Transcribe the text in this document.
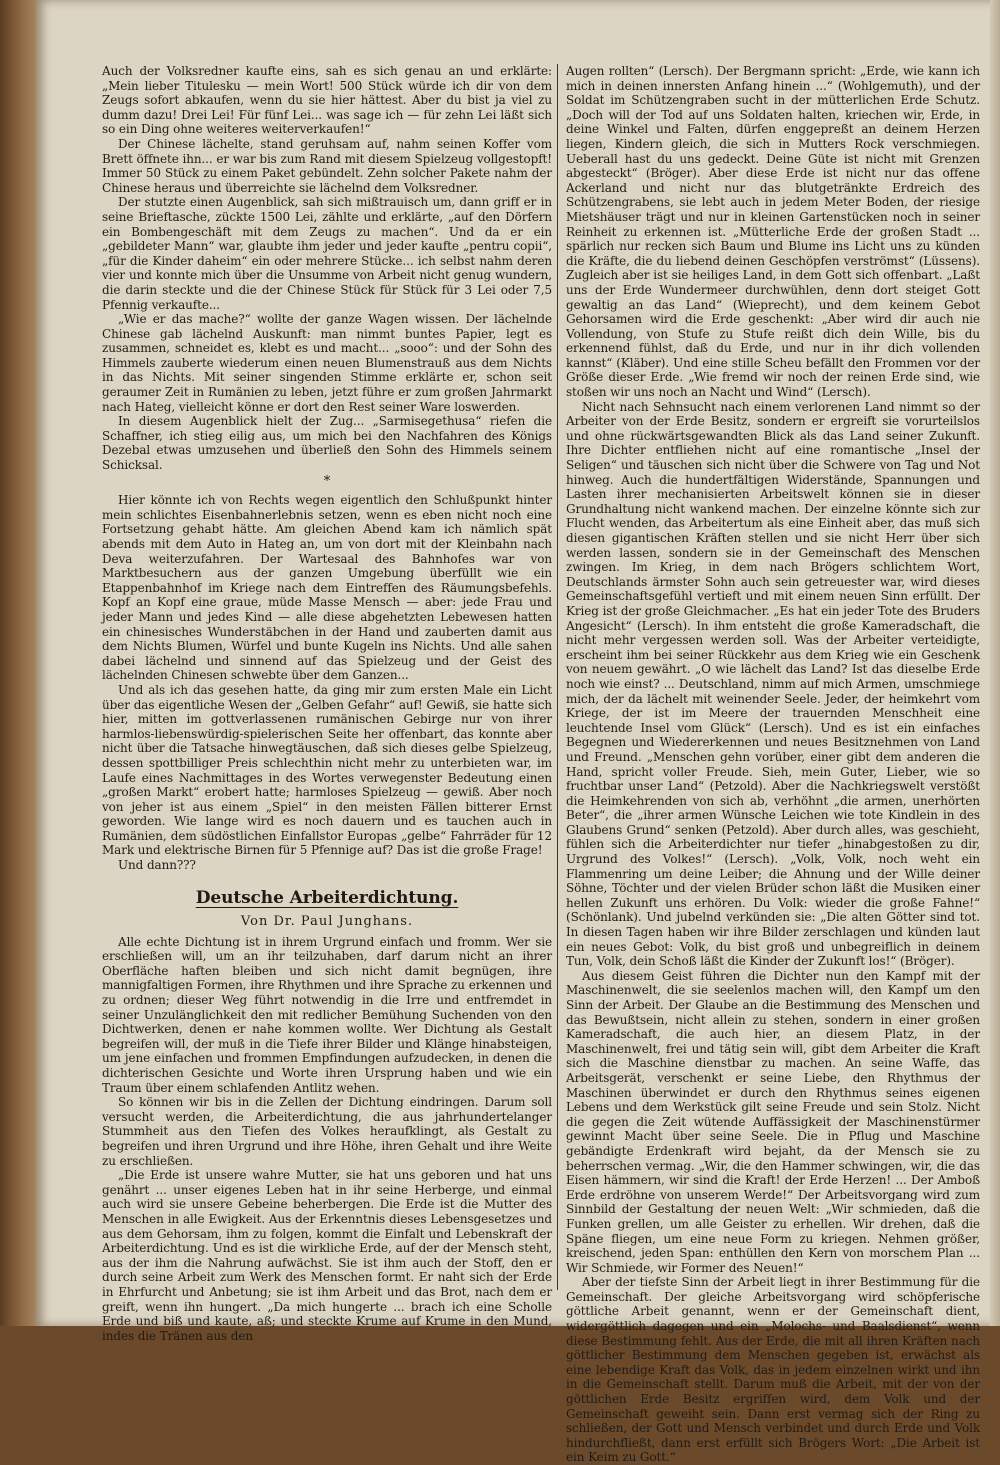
Auch der Volksredner kaufte eins, sah es sich genau an und erklärte: „Mein lieber Titulesku — mein Wort! 500 Stück würde ich dir von dem Zeugs sofort abkaufen, wenn du sie hier hättest. Aber du bist ja viel zu dumm dazu! Drei Lei! Für fünf Lei... was sage ich — für zehn Lei läßt sich so ein Ding ohne weiteres weiterverkaufen!“

Der Chinese lächelte, stand geruhsam auf, nahm seinen Koffer vom Brett öffnete ihn... er war bis zum Rand mit diesem Spielzeug vollgestopft! Immer 50 Stück zu einem Paket gebündelt. Zehn solcher Pakete nahm der Chinese heraus und überreichte sie lächelnd dem Volksredner.

Der stutzte einen Augenblick, sah sich mißtrauisch um, dann griff er in seine Brieftasche, zückte 1500 Lei, zählte und erklärte, „auf den Dörfern ein Bombengeschäft mit dem Zeugs zu machen“. Und da er ein „gebildeter Mann“ war, glaubte ihm jeder und jeder kaufte „pentru copii“, „für die Kinder daheim“ ein oder mehrere Stücke... ich selbst nahm deren vier und konnte mich über die Unsumme von Arbeit nicht genug wundern, die darin steckte und die der Chinese Stück für Stück für 3 Lei oder 7,5 Pfennig verkaufte...

„Wie er das mache?“ wollte der ganze Wagen wissen. Der lächelnde Chinese gab lächelnd Auskunft: man nimmt buntes Papier, legt es zusammen, schneidet es, klebt es und macht... „sooo“: und der Sohn des Himmels zauberte wiederum einen neuen Blumenstrauß aus dem Nichts in das Nichts. Mit seiner singenden Stimme erklärte er, schon seit geraumer Zeit in Rumänien zu leben, jetzt führe er zum großen Jahrmarkt nach Hateg, vielleicht könne er dort den Rest seiner Ware loswerden.

In diesem Augenblick hielt der Zug... „Sarmisegethusa“ riefen die Schaffner, ich stieg eilig aus, um mich bei den Nachfahren des Königs Dezebal etwas umzusehen und überließ den Sohn des Himmels seinem Schicksal.

*

Hier könnte ich von Rechts wegen eigentlich den Schlußpunkt hinter mein schlichtes Eisenbahnerlebnis setzen, wenn es eben nicht noch eine Fortsetzung gehabt hätte. Am gleichen Abend kam ich nämlich spät abends mit dem Auto in Hateg an, um von dort mit der Kleinbahn nach Deva weiterzufahren. Der Wartesaal des Bahnhofes war von Marktbesuchern aus der ganzen Umgebung überfüllt wie ein Etappenbahnhof im Kriege nach dem Eintreffen des Räumungsbefehls. Kopf an Kopf eine graue, müde Masse Mensch — aber: jede Frau und jeder Mann und jedes Kind — alle diese abgehetzten Lebewesen hatten ein chinesisches Wunderstäbchen in der Hand und zauberten damit aus dem Nichts Blumen, Würfel und bunte Kugeln ins Nichts. Und alle sahen dabei lächelnd und sinnend auf das Spielzeug und der Geist des lächelnden Chinesen schwebte über dem Ganzen...

Und als ich das gesehen hatte, da ging mir zum ersten Male ein Licht über das eigentliche Wesen der „Gelben Gefahr“ auf! Gewiß, sie hatte sich hier, mitten im gottverlassenen rumänischen Gebirge nur von ihrer harmlos-liebenswürdig-spielerischen Seite her offenbart, das konnte aber nicht über die Tatsache hinwegtäuschen, daß sich dieses gelbe Spielzeug, dessen spottbilliger Preis schlechthin nicht mehr zu unterbieten war, im Laufe eines Nachmittages in des Wortes verwegenster Bedeutung einen „großen Markt“ erobert hatte; harmloses Spielzeug — gewiß. Aber noch von jeher ist aus einem „Spiel“ in den meisten Fällen bitterer Ernst geworden. Wie lange wird es noch dauern und es tauchen auch in Rumänien, dem südöstlichen Einfallstor Europas „gelbe“ Fahrräder für 12 Mark und elektrische Birnen für 5 Pfennige auf? Das ist die große Frage!

Und dann???

Deutsche Arbeiterdichtung.
Von Dr. Paul Junghans.

Alle echte Dichtung ist in ihrem Urgrund einfach und fromm. Wer sie erschließen will, um an ihr teilzuhaben, darf darum nicht an ihrer Oberfläche haften bleiben und sich nicht damit begnügen, ihre mannigfaltigen Formen, ihre Rhythmen und ihre Sprache zu erkennen und zu ordnen; dieser Weg führt notwendig in die Irre und entfremdet in seiner Unzulänglichkeit den mit redlicher Bemühung Suchenden von den Dichtwerken, denen er nahe kommen wollte. Wer Dichtung als Gestalt begreifen will, der muß in die Tiefe ihrer Bilder und Klänge hinabsteigen, um jene einfachen und frommen Empfindungen aufzudecken, in denen die dichterischen Gesichte und Worte ihren Ursprung haben und wie ein Traum über einem schlafenden Antlitz wehen.

So können wir bis in die Zellen der Dichtung eindringen. Darum soll versucht werden, die Arbeiterdichtung, die aus jahrhundertelanger Stummheit aus den Tiefen des Volkes heraufklingt, als Gestalt zu begreifen und ihren Urgrund und ihre Höhe, ihren Gehalt und ihre Weite zu erschließen.

„Die Erde ist unsere wahre Mutter, sie hat uns geboren und hat uns genährt ... unser eigenes Leben hat in ihr seine Herberge, und einmal auch wird sie unsere Gebeine beherbergen. Die Erde ist die Mutter des Menschen in alle Ewigkeit. Aus der Erkenntnis dieses Lebensgesetzes und aus dem Gehorsam, ihm zu folgen, kommt die Einfalt und Lebenskraft der Arbeiterdichtung. Und es ist die wirkliche Erde, auf der der Mensch steht, aus der ihm die Nahrung aufwächst. Sie ist ihm auch der Stoff, den er durch seine Arbeit zum Werk des Menschen formt. Er naht sich der Erde in Ehrfurcht und Anbetung; sie ist ihm Arbeit und das Brot, nach dem er greift, wenn ihn hungert. „Da mich hungerte ... brach ich eine Scholle Erde und biß und kaute, aß; und steckte Krume auf Krume in den Mund, indes die Tränen aus den

Augen rollten“ (Lersch). Der Bergmann spricht: „Erde, wie kann ich mich in deinen innersten Anfang hinein ...“ (Wohlgemuth), und der Soldat im Schützengraben sucht in der mütterlichen Erde Schutz. „Doch will der Tod auf uns Soldaten halten, kriechen wir, Erde, in deine Winkel und Falten, dürfen enggepreßt an deinem Herzen liegen, Kindern gleich, die sich in Mutters Rock verschmiegen. Ueberall hast du uns gedeckt. Deine Güte ist nicht mit Grenzen abgesteckt“ (Bröger). Aber diese Erde ist nicht nur das offene Ackerland und nicht nur das blutgetränkte Erdreich des Schützengrabens, sie lebt auch in jedem Meter Boden, der riesige Mietshäuser trägt und nur in kleinen Gartenstücken noch in seiner Reinheit zu erkennen ist. „Mütterliche Erde der großen Stadt ... spärlich nur recken sich Baum und Blume ins Licht uns zu künden die Kräfte, die du liebend deinen Geschöpfen verströmst“ (Lüssens). Zugleich aber ist sie heiliges Land, in dem Gott sich offenbart. „Laßt uns der Erde Wundermeer durchwühlen, denn dort steiget Gott gewaltig an das Land“ (Wieprecht), und dem keinem Gebot Gehorsamen wird die Erde geschenkt: „Aber wird dir auch nie Vollendung, von Stufe zu Stufe reißt dich dein Wille, bis du erkennend fühlst, daß du Erde, und nur in ihr dich vollenden kannst“ (Kläber). Und eine stille Scheu befällt den Frommen vor der Größe dieser Erde. „Wie fremd wir noch der reinen Erde sind, wie stoßen wir uns noch an Nacht und Wind“ (Lersch).

Nicht nach Sehnsucht nach einem verlorenen Land nimmt so der Arbeiter von der Erde Besitz, sondern er ergreift sie vorurteilslos und ohne rückwärtsgewandten Blick als das Land seiner Zukunft. Ihre Dichter entfliehen nicht auf eine romantische „Insel der Seligen“ und täuschen sich nicht über die Schwere von Tag und Not hinweg. Auch die hundertfältigen Widerstände, Spannungen und Lasten ihrer mechanisierten Arbeitswelt können sie in dieser Grundhaltung nicht wankend machen. Der einzelne könnte sich zur Flucht wenden, das Arbeitertum als eine Einheit aber, das muß sich diesen gigantischen Kräften stellen und sie nicht Herr über sich werden lassen, sondern sie in der Gemeinschaft des Menschen zwingen. Im Krieg, in dem nach Brögers schlichtem Wort, Deutschlands ärmster Sohn auch sein getreuester war, wird dieses Gemeinschaftsgefühl vertieft und mit einem neuen Sinn erfüllt. Der Krieg ist der große Gleichmacher. „Es hat ein jeder Tote des Bruders Angesicht“ (Lersch). In ihm entsteht die große Kameradschaft, die nicht mehr vergessen werden soll. Was der Arbeiter verteidigte, erscheint ihm bei seiner Rückkehr aus dem Krieg wie ein Geschenk von neuem gewährt. „O wie lächelt das Land? Ist das dieselbe Erde noch wie einst? ... Deutschland, nimm auf mich Armen, umschmiege mich, der da lächelt mit weinender Seele. Jeder, der heimkehrt vom Kriege, der ist im Meere der trauernden Menschheit eine leuchtende Insel vom Glück“ (Lersch). Und es ist ein einfaches Begegnen und Wiedererkennen und neues Besitznehmen von Land und Freund. „Menschen gehn vorüber, einer gibt dem anderen die Hand, spricht voller Freude. Sieh, mein Guter, Lieber, wie so fruchtbar unser Land“ (Petzold). Aber die Nachkriegswelt verstößt die Heimkehrenden von sich ab, verhöhnt „die armen, unerhörten Beter“, die „ihrer armen Wünsche Leichen wie tote Kindlein in des Glaubens Grund“ senken (Petzold). Aber durch alles, was geschieht, fühlen sich die Arbeiterdichter nur tiefer „hinabgestoßen zu dir, Urgrund des Volkes!“ (Lersch). „Volk, Volk, noch weht ein Flammenring um deine Leiber; die Ahnung und der Wille deiner Söhne, Töchter und der vielen Brüder schon läßt die Musiken einer hellen Zukunft uns erhören. Du Volk: wieder die große Fahne!“ (Schönlank). Und jubelnd verkünden sie: „Die alten Götter sind tot. In diesen Tagen haben wir ihre Bilder zerschlagen und künden laut ein neues Gebot: Volk, du bist groß und unbegreiflich in deinem Tun, Volk, dein Schoß läßt die Kinder der Zukunft los!“ (Bröger).

Aus diesem Geist führen die Dichter nun den Kampf mit der Maschinenwelt, die sie seelenlos machen will, den Kampf um den Sinn der Arbeit. Der Glaube an die Bestimmung des Menschen und das Bewußtsein, nicht allein zu stehen, sondern in einer großen Kameradschaft, die auch hier, an diesem Platz, in der Maschinenwelt, frei und tätig sein will, gibt dem Arbeiter die Kraft sich die Maschine dienstbar zu machen. An seine Waffe, das Arbeitsgerät, verschenkt er seine Liebe, den Rhythmus der Maschinen überwindet er durch den Rhythmus seines eigenen Lebens und dem Werkstück gilt seine Freude und sein Stolz. Nicht die gegen die Zeit wütende Auffässigkeit der Maschinenstürmer gewinnt Macht über seine Seele. Die in Pflug und Maschine gebändigte Erdenkraft wird bejaht, da der Mensch sie zu beherrschen vermag. „Wir, die den Hammer schwingen, wir, die das Eisen hämmern, wir sind die Kraft! der Erde Herzen! ... Der Amboß Erde erdröhne von unserem Werde!“ Der Arbeitsvorgang wird zum Sinnbild der Gestaltung der neuen Welt: „Wir schmieden, daß die Funken grellen, um alle Geister zu erhellen. Wir drehen, daß die Späne fliegen, um eine neue Form zu kriegen. Nehmen größer, kreischend, jeden Span: enthüllen den Kern von morschem Plan ... Wir Schmiede, wir Former des Neuen!“

Aber der tiefste Sinn der Arbeit liegt in ihrer Bestimmung für die Gemeinschaft. Der gleiche Arbeitsvorgang wird schöpferische göttliche Arbeit genannt, wenn er der Gemeinschaft dient, widergöttlich dagegen und ein „Molochs- und Baalsdienst“, wenn diese Bestimmung fehlt. Aus der Erde, die mit all ihren Kräften nach göttlicher Bestimmung dem Menschen gegeben ist, erwächst als eine lebendige Kraft das Volk, das in jedem einzelnen wirkt und ihn in die Gemeinschaft stellt. Darum muß die Arbeit, mit der von der göttlichen Erde Besitz ergriffen wird, dem Volk und der Gemeinschaft geweiht sein. Dann erst vermag sich der Ring zu schließen, der Gott und Mensch verbindet und durch Erde und Volk hindurchfließt, dann erst erfüllt sich Brögers Wort: „Die Arbeit ist ein Keim zu Gott.“
